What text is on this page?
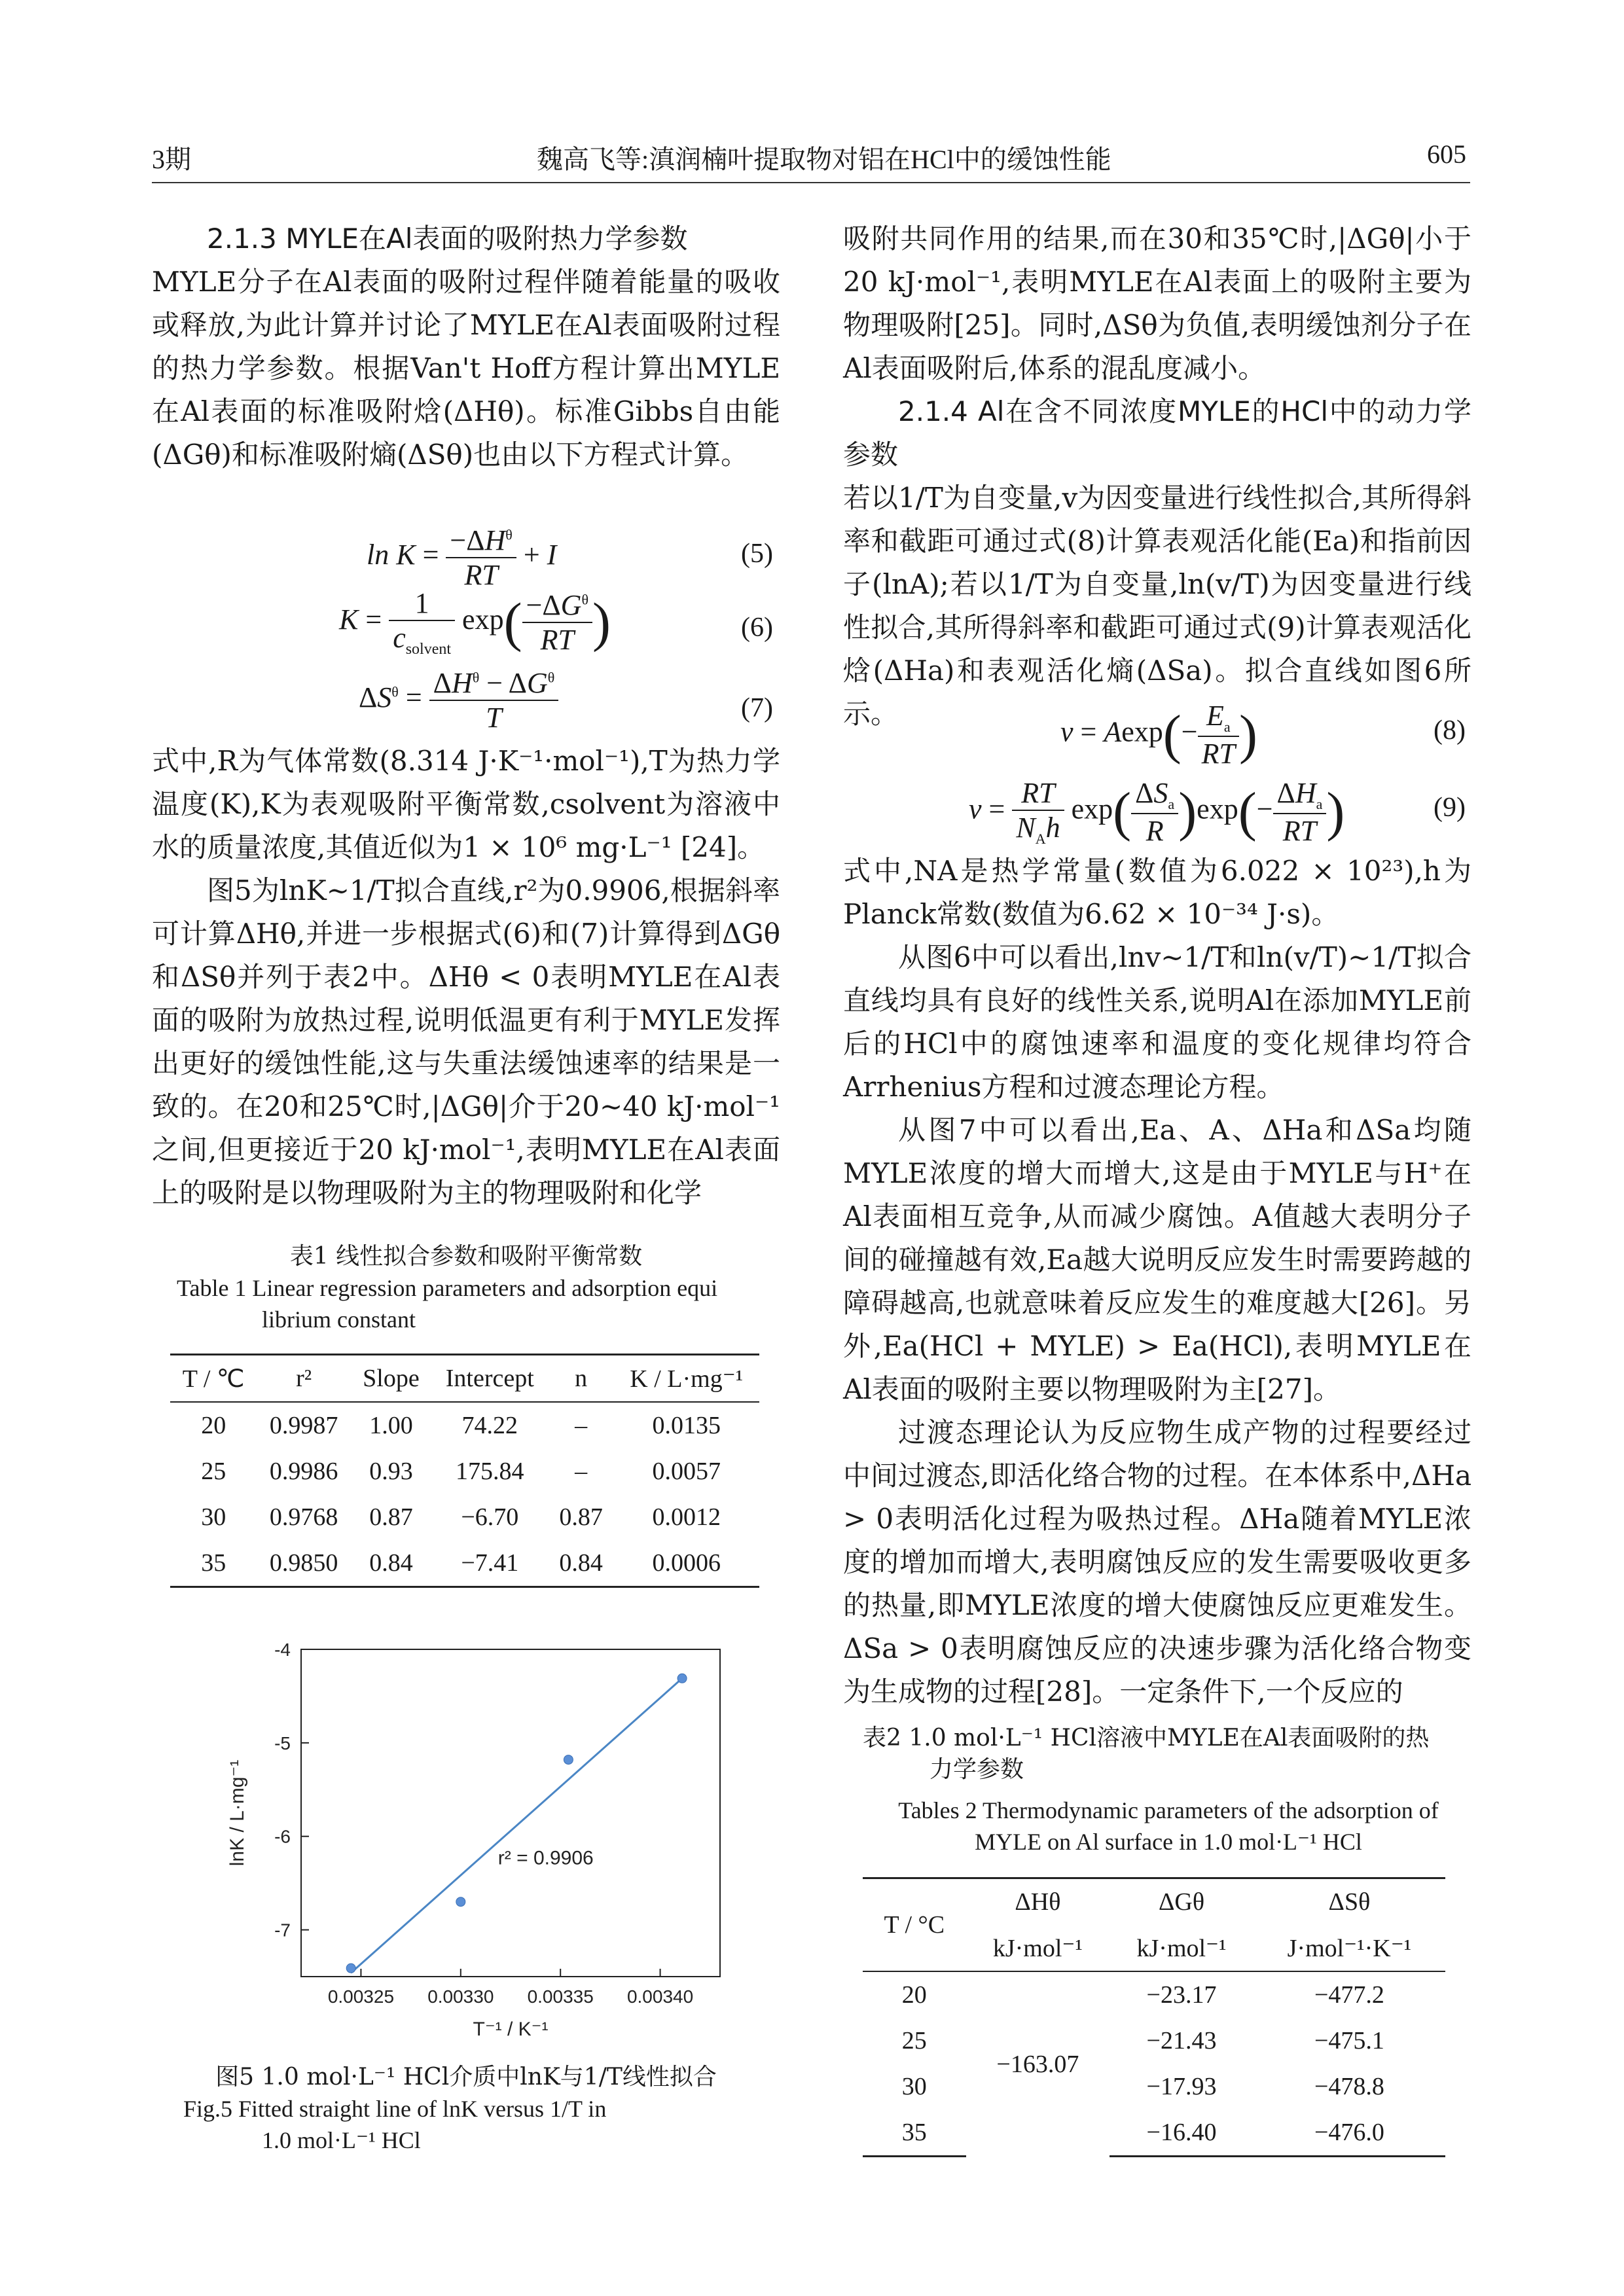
3期	魏高飞等:滇润楠叶提取物对铝在HCl中的缓蚀性能	605

2.1.3 MYLE在Al表面的吸附热力学参数

MYLE分子在Al表面的吸附过程伴随着能量的吸收或释放,为此计算并讨论了MYLE在Al表面吸附过程的热力学参数。根据Van't Hoff方程计算出MYLE在Al表面的标准吸附焓(ΔHθ)。标准Gibbs自由能(ΔGθ)和标准吸附熵(ΔSθ)也由以下方程式计算。

$\ln K = \frac{-\Delta H^\theta}{RT} + I$	(5)
$K = \frac{1}{c_{solvent}} \exp( \frac{-\Delta G^\theta}{RT}$ )	(6)
$\Delta S^\theta = \frac{\Delta H^\theta - \Delta G^\theta}{T}$	(7)

式中,R为气体常数(8.314 J·K⁻¹·mol⁻¹),T为热力学温度(K),K为表观吸附平衡常数,csolvent为溶液中水的质量浓度,其值近似为1 × 10⁶ mg·L⁻¹ [24]。

图5为lnK~1/T拟合直线,r²为0.9906,根据斜率可计算ΔHθ,并进一步根据式(6)和(7)计算得到ΔGθ和ΔSθ并列于表2中。ΔHθ < 0表明MYLE在Al表面的吸附为放热过程,说明低温更有利于MYLE发挥出更好的缓蚀性能,这与失重法缓蚀速率的结果是一致的。在20和25℃时,|ΔGθ|介于20~40 kJ·mol⁻¹之间,但更接近于20 kJ·mol⁻¹,表明MYLE在Al表面上的吸附是以物理吸附为主的物理吸附和化学

表1 线性拟合参数和吸附平衡常数
Table 1 Linear regression parameters and adsorption equi
librium constant
T / ℃	r²	Slope	Intercept	n	K / L·mg⁻¹
20	0.9987	1.00	74.22	–	0.0135
25	0.9986	0.93	175.84	–	0.0057
30	0.9768	0.87	−6.70	0.87	0.0012
35	0.9850	0.84	−7.41	0.84	0.0006
-4
-5
-6
-7
0.00325 0.00330 0.00335 0.00340
r² = 0.9906
T⁻¹ / K⁻¹
lnK / L·mg⁻¹
图5 1.0 mol·L⁻¹ HCl介质中lnK与1/T线性拟合
Fig.5 Fitted straight line of lnK versus 1/T in
1.0 mol·L⁻¹ HCl

吸附共同作用的结果,而在30和35℃时,|ΔGθ|小于20 kJ·mol⁻¹,表明MYLE在Al表面上的吸附主要为物理吸附[25]。同时,ΔSθ为负值,表明缓蚀剂分子在Al表面吸附后,体系的混乱度减小。

2.1.4 Al在含不同浓度MYLE的HCl中的动力学参数

若以1/T为自变量,v为因变量进行线性拟合,其所得斜率和截距可通过式(8)计算表观活化能(Ea)和指前因子(lnA);若以1/T为自变量,ln(v/T)为因变量进行线性拟合,其所得斜率和截距可通过式(9)计算表观活化焓(ΔHa)和表观活化熵(ΔSa)。拟合直线如图6所示。

$v = Aexp(- \frac{E_a}{RT}$ )	(8)
$v = \frac{RT}{N_Ah} \exp( \frac{\Delta S_a}{R} )\exp(- \frac{\Delta H_a}{RT}$ )	(9)

式中,NA是热学常量(数值为6.022 × 10²³),h为Planck常数(数值为6.62 × 10⁻³⁴ J·s)。

从图6中可以看出,lnv~1/T和ln(v/T)~1/T拟合直线均具有良好的线性关系,说明Al在添加MYLE前后的HCl中的腐蚀速率和温度的变化规律均符合Arrhenius方程和过渡态理论方程。

从图7中可以看出,Ea、A、ΔHa和ΔSa均随MYLE浓度的增大而增大,这是由于MYLE与H⁺在Al表面相互竞争,从而减少腐蚀。A值越大表明分子间的碰撞越有效,Ea越大说明反应发生时需要跨越的障碍越高,也就意味着反应发生的难度越大[26]。另外,Ea(HCl + MYLE) > Ea(HCl),表明MYLE在Al表面的吸附主要以物理吸附为主[27]。

过渡态理论认为反应物生成产物的过程要经过中间过渡态,即活化络合物的过程。在本体系中,ΔHa > 0表明活化过程为吸热过程。ΔHa随着MYLE浓度的增加而增大,表明腐蚀反应的发生需要吸收更多的热量,即MYLE浓度的增大使腐蚀反应更难发生。ΔSa > 0表明腐蚀反应的决速步骤为活化络合物变为生成物的过程[28]。一定条件下,一个反应的

表2 1.0 mol·L⁻¹ HCl溶液中MYLE在Al表面吸附的热
力学参数
Tables 2 Thermodynamic parameters of the adsorption of
MYLE on Al surface in 1.0 mol·L⁻¹ HCl
T / °C	ΔHθ	ΔGθ	ΔSθ
	kJ·mol⁻¹	kJ·mol⁻¹	J·mol⁻¹·K⁻¹
20	−163.07	−23.17	−477.2
25		−21.43	−475.1
30		−17.93	−478.8
35		−16.40	−476.0
